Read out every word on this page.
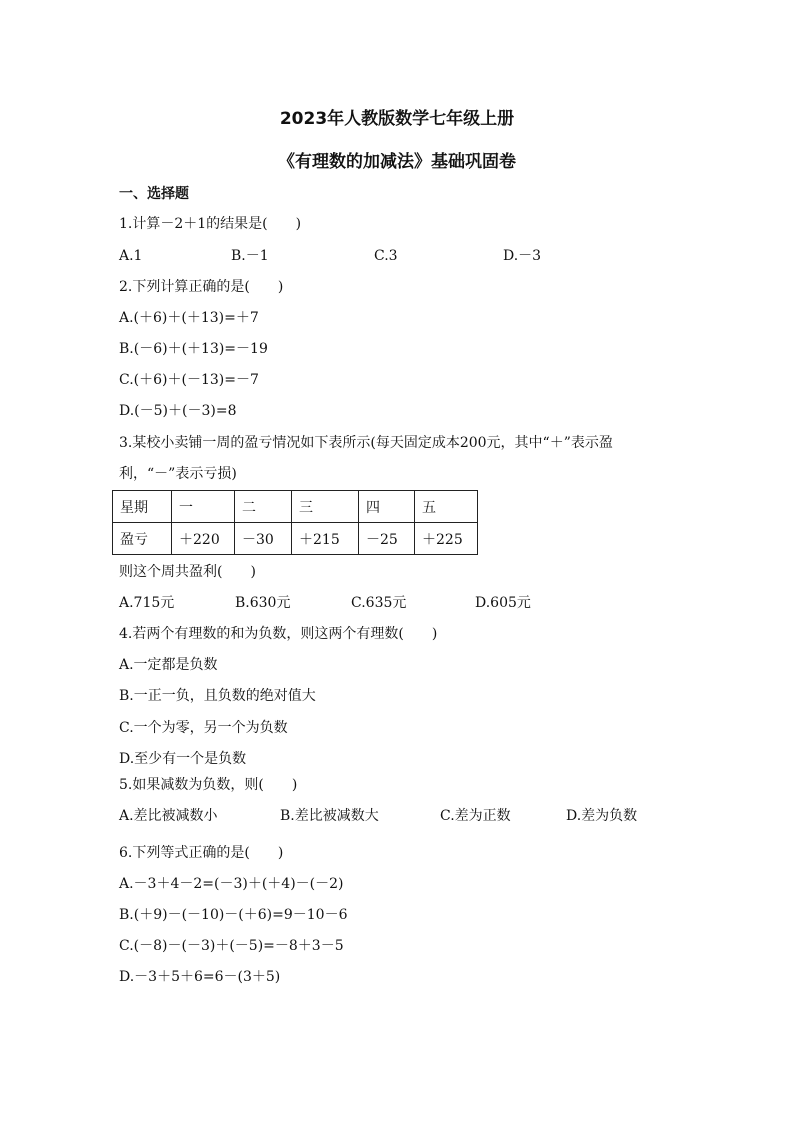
2023年人教版数学七年级上册
《有理数的加减法》基础巩固卷
一、选择题
1.计算－2＋1的结果是(　　)
A.1	B.－1	C.3	D.－3
2.下列计算正确的是(　　)
A.(＋6)＋(＋13)=＋7
B.(－6)＋(＋13)=－19
C.(＋6)＋(－13)=－7
D.(－5)＋(－3)=8
3.某校小卖铺一周的盈亏情况如下表所示(每天固定成本200元，其中“＋”表示盈
利，“－”表示亏损)
星期	一	二	三	四	五
盈亏	＋220	－30	＋215	－25	＋225
则这个周共盈利(　　)
A.715元	B.630元	C.635元	D.605元
4.若两个有理数的和为负数，则这两个有理数(　　)
A.一定都是负数
B.一正一负，且负数的绝对值大
C.一个为零，另一个为负数
D.至少有一个是负数
5.如果减数为负数，则(　　)
A.差比被减数小	B.差比被减数大	C.差为正数	D.差为负数
6.下列等式正确的是(　　)
A.－3＋4－2=(－3)＋(＋4)－(－2)
B.(＋9)－(－10)－(＋6)=9－10－6
C.(－8)－(－3)＋(－5)=－8＋3－5
D.－3＋5＋6=6－(3＋5)
